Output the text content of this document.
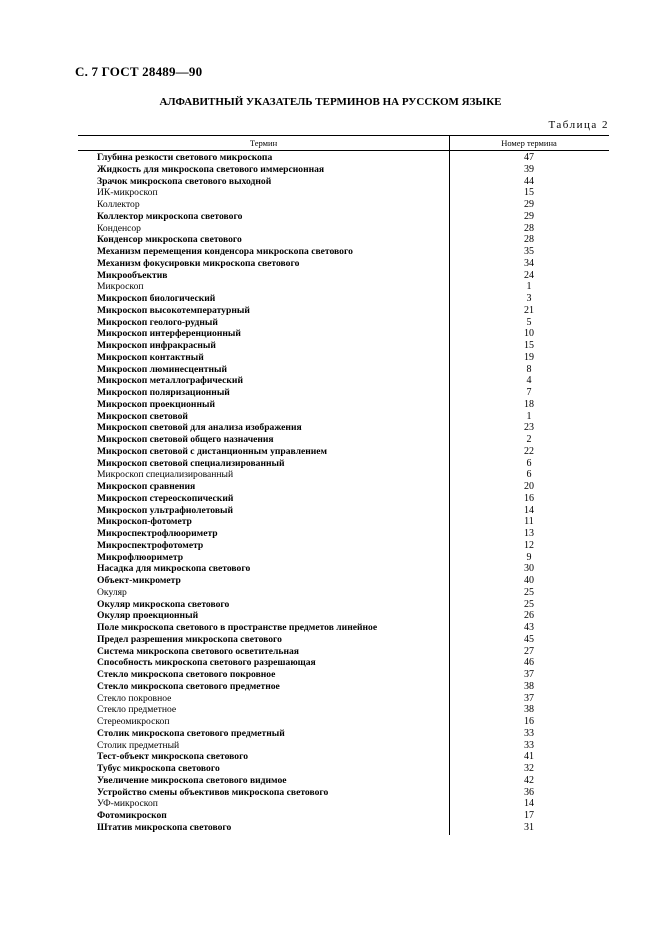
С. 7 ГОСТ 28489—90
АЛФАВИТНЫЙ УКАЗАТЕЛЬ ТЕРМИНОВ НА РУССКОМ ЯЗЫКЕ
Таблица 2
Термин	Номер термина
Глубина резкости светового микроскопа	47
Жидкость для микроскопа светового иммерсионная	39
Зрачок микроскопа светового выходной	44
ИК-микроскоп	15
Коллектор	29
Коллектор микроскопа светового	29
Конденсор	28
Конденсор микроскопа светового	28
Механизм перемещения конденсора микроскопа светового	35
Механизм фокусировки микроскопа светового	34
Микрообъектив	24
Микроскоп	1
Микроскоп биологический	3
Микроскоп высокотемпературный	21
Микроскоп геолого-рудный	5
Микроскоп интерференционный	10
Микроскоп инфракрасный	15
Микроскоп контактный	19
Микроскоп люминесцентный	8
Микроскоп металлографический	4
Микроскоп поляризационный	7
Микроскоп проекционный	18
Микроскоп световой	1
Микроскоп световой для анализа изображения	23
Микроскоп световой общего назначения	2
Микроскоп световой с дистанционным управлением	22
Микроскоп световой специализированный	6
Микроскоп специализированный	6
Микроскоп сравнения	20
Микроскоп стереоскопический	16
Микроскоп ультрафиолетовый	14
Микроскоп-фотометр	11
Микроспектрофлюориметр	13
Микроспектрофотометр	12
Микрофлюориметр	9
Насадка для микроскопа светового	30
Объект-микрометр	40
Окуляр	25
Окуляр микроскопа светового	25
Окуляр проекционный	26
Поле микроскопа светового в пространстве предметов линейное	43
Предел разрешения микроскопа светового	45
Система микроскопа светового осветительная	27
Способность микроскопа светового разрешающая	46
Стекло микроскопа светового покровное	37
Стекло микроскопа светового предметное	38
Стекло покровное	37
Стекло предметное	38
Стереомикроскоп	16
Столик микроскопа светового предметный	33
Столик предметный	33
Тест-объект микроскопа светового	41
Тубус микроскопа светового	32
Увеличение микроскопа светового видимое	42
Устройство смены объективов микроскопа светового	36
УФ-микроскоп	14
Фотомикроскоп	17
Штатив микроскопа светового	31
